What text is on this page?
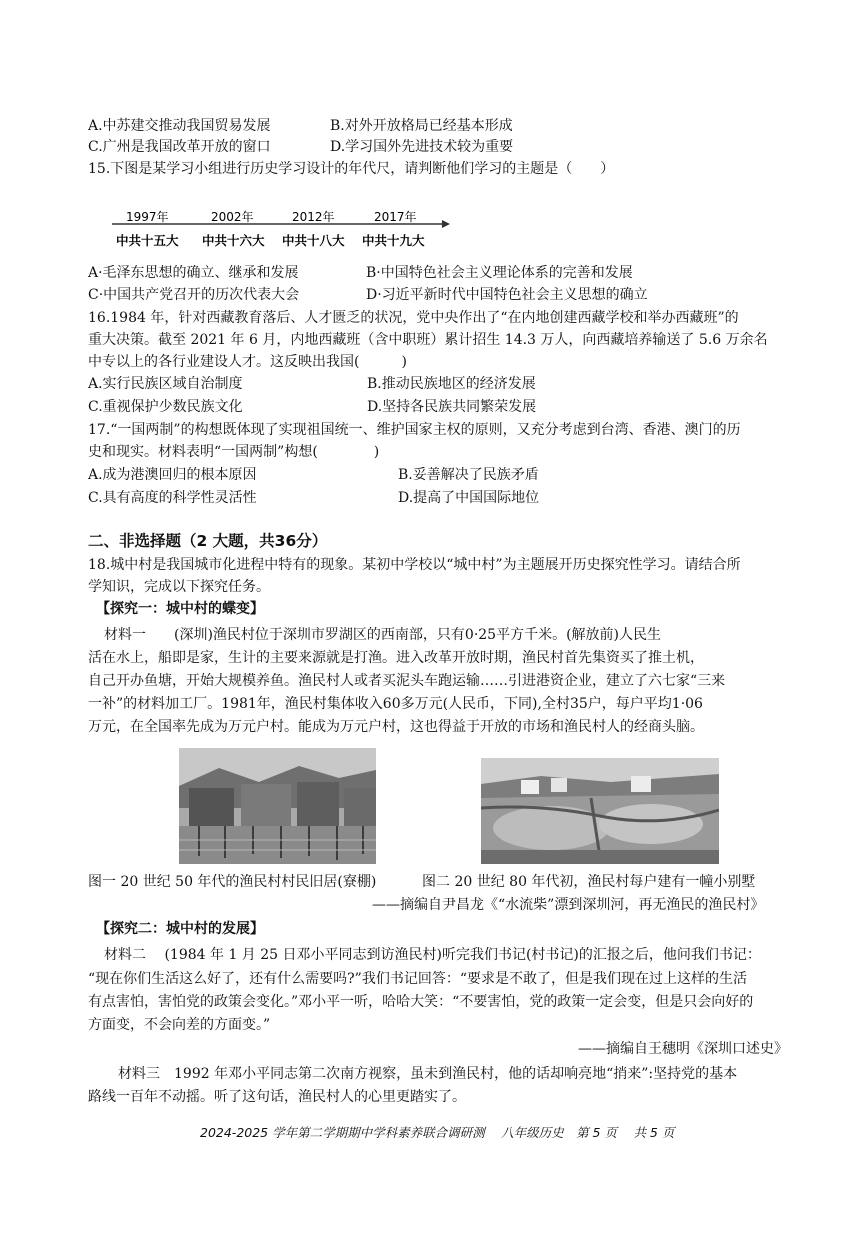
A.中苏建交推动我国贸易发展	B.对外开放格局已经基本形成
C.广州是我国改革开放的窗口	D.学习国外先进技术较为重要
15.下图是某学习小组进行历史学习设计的年代尺，请判断他们学习的主题是（　　）
1997年	2002年	2012年	2017年
中共十五大 中共十六大 中共十八大 中共十九大
A·毛泽东思想的确立、继承和发展	B·中国特色社会主义理论体系的完善和发展
C·中国共产党召开的历次代表大会	D·习近平新时代中国特色社会主义思想的确立
16.1984 年，针对西藏教育落后、人才匮乏的状况，党中央作出了“在内地创建西藏学校和举办西藏班”的
重大决策。截至 2021 年 6 月，内地西藏班（含中职班）累计招生 14.3 万人，向西藏培养输送了 5.6 万余名
中专以上的各行业建设人才。这反映出我国(　　　)
A.实行民族区域自治制度	B.推动民族地区的经济发展
C.重视保护少数民族文化	D.坚持各民族共同繁荣发展
17.“一国两制”的构想既体现了实现祖国统一、维护国家主权的原则，又充分考虑到台湾、香港、澳门的历
史和现实。材料表明“一国两制”构想(　　　　)
A.成为港澳回归的根本原因	B.妥善解决了民族矛盾
C.具有高度的科学性灵活性	D.提高了中国国际地位
二、非选择题（2 大题，共36分）
18.城中村是我国城市化进程中特有的现象。某初中学校以“城中村”为主题展开历史探究性学习。请结合所
学知识，完成以下探究任务。
【探究一：城中村的蝶变】
材料一　　(深圳)渔民村位于深圳市罗湖区的西南部，只有0·25平方千米。(解放前)人民生
活在水上，船即是家，生计的主要来源就是打渔。进入改革开放时期，渔民村首先集资买了推土机，
自己开办鱼塘，开始大规模养鱼。渔民村人或者买泥头车跑运输……引进港资企业，建立了六七家“三来
一补”的材料加工厂。1981年，渔民村集体收入60多万元(人民币，下同),全村35户，每户平均1·06
万元，在全国率先成为万元户村。能成为万元户村，这也得益于开放的市场和渔民村人的经商头脑。
图一 20 世纪 50 年代的渔民村村民旧居(寮棚)	图二 20 世纪 80 年代初，渔民村每户建有一幢小别墅
——摘编自尹昌龙《“水流柴”漂到深圳河，再无渔民的渔民村》
【探究二：城中村的发展】
材料二　 (1984 年 1 月 25 日邓小平同志到访渔民村)听完我们书记(村书记)的汇报之后，他问我们书记：
“现在你们生活这么好了，还有什么需要吗?”我们书记回答：“要求是不敢了，但是我们现在过上这样的生活
有点害怕，害怕党的政策会变化。”邓小平一听，哈哈大笑：“不要害怕，党的政策一定会变，但是只会向好的
方面变，不会向差的方面变。”
——摘编自王穗明《深圳口述史》
材料三　1992 年邓小平同志第二次南方视察，虽未到渔民村，他的话却响亮地“捎来”:坚持党的基本
路线一百年不动摇。听了这句话，渔民村人的心里更踏实了。
2024-2025 学年第二学期期中学科素养联合调研测　 八年级历史　第 5 页　 共 5 页
